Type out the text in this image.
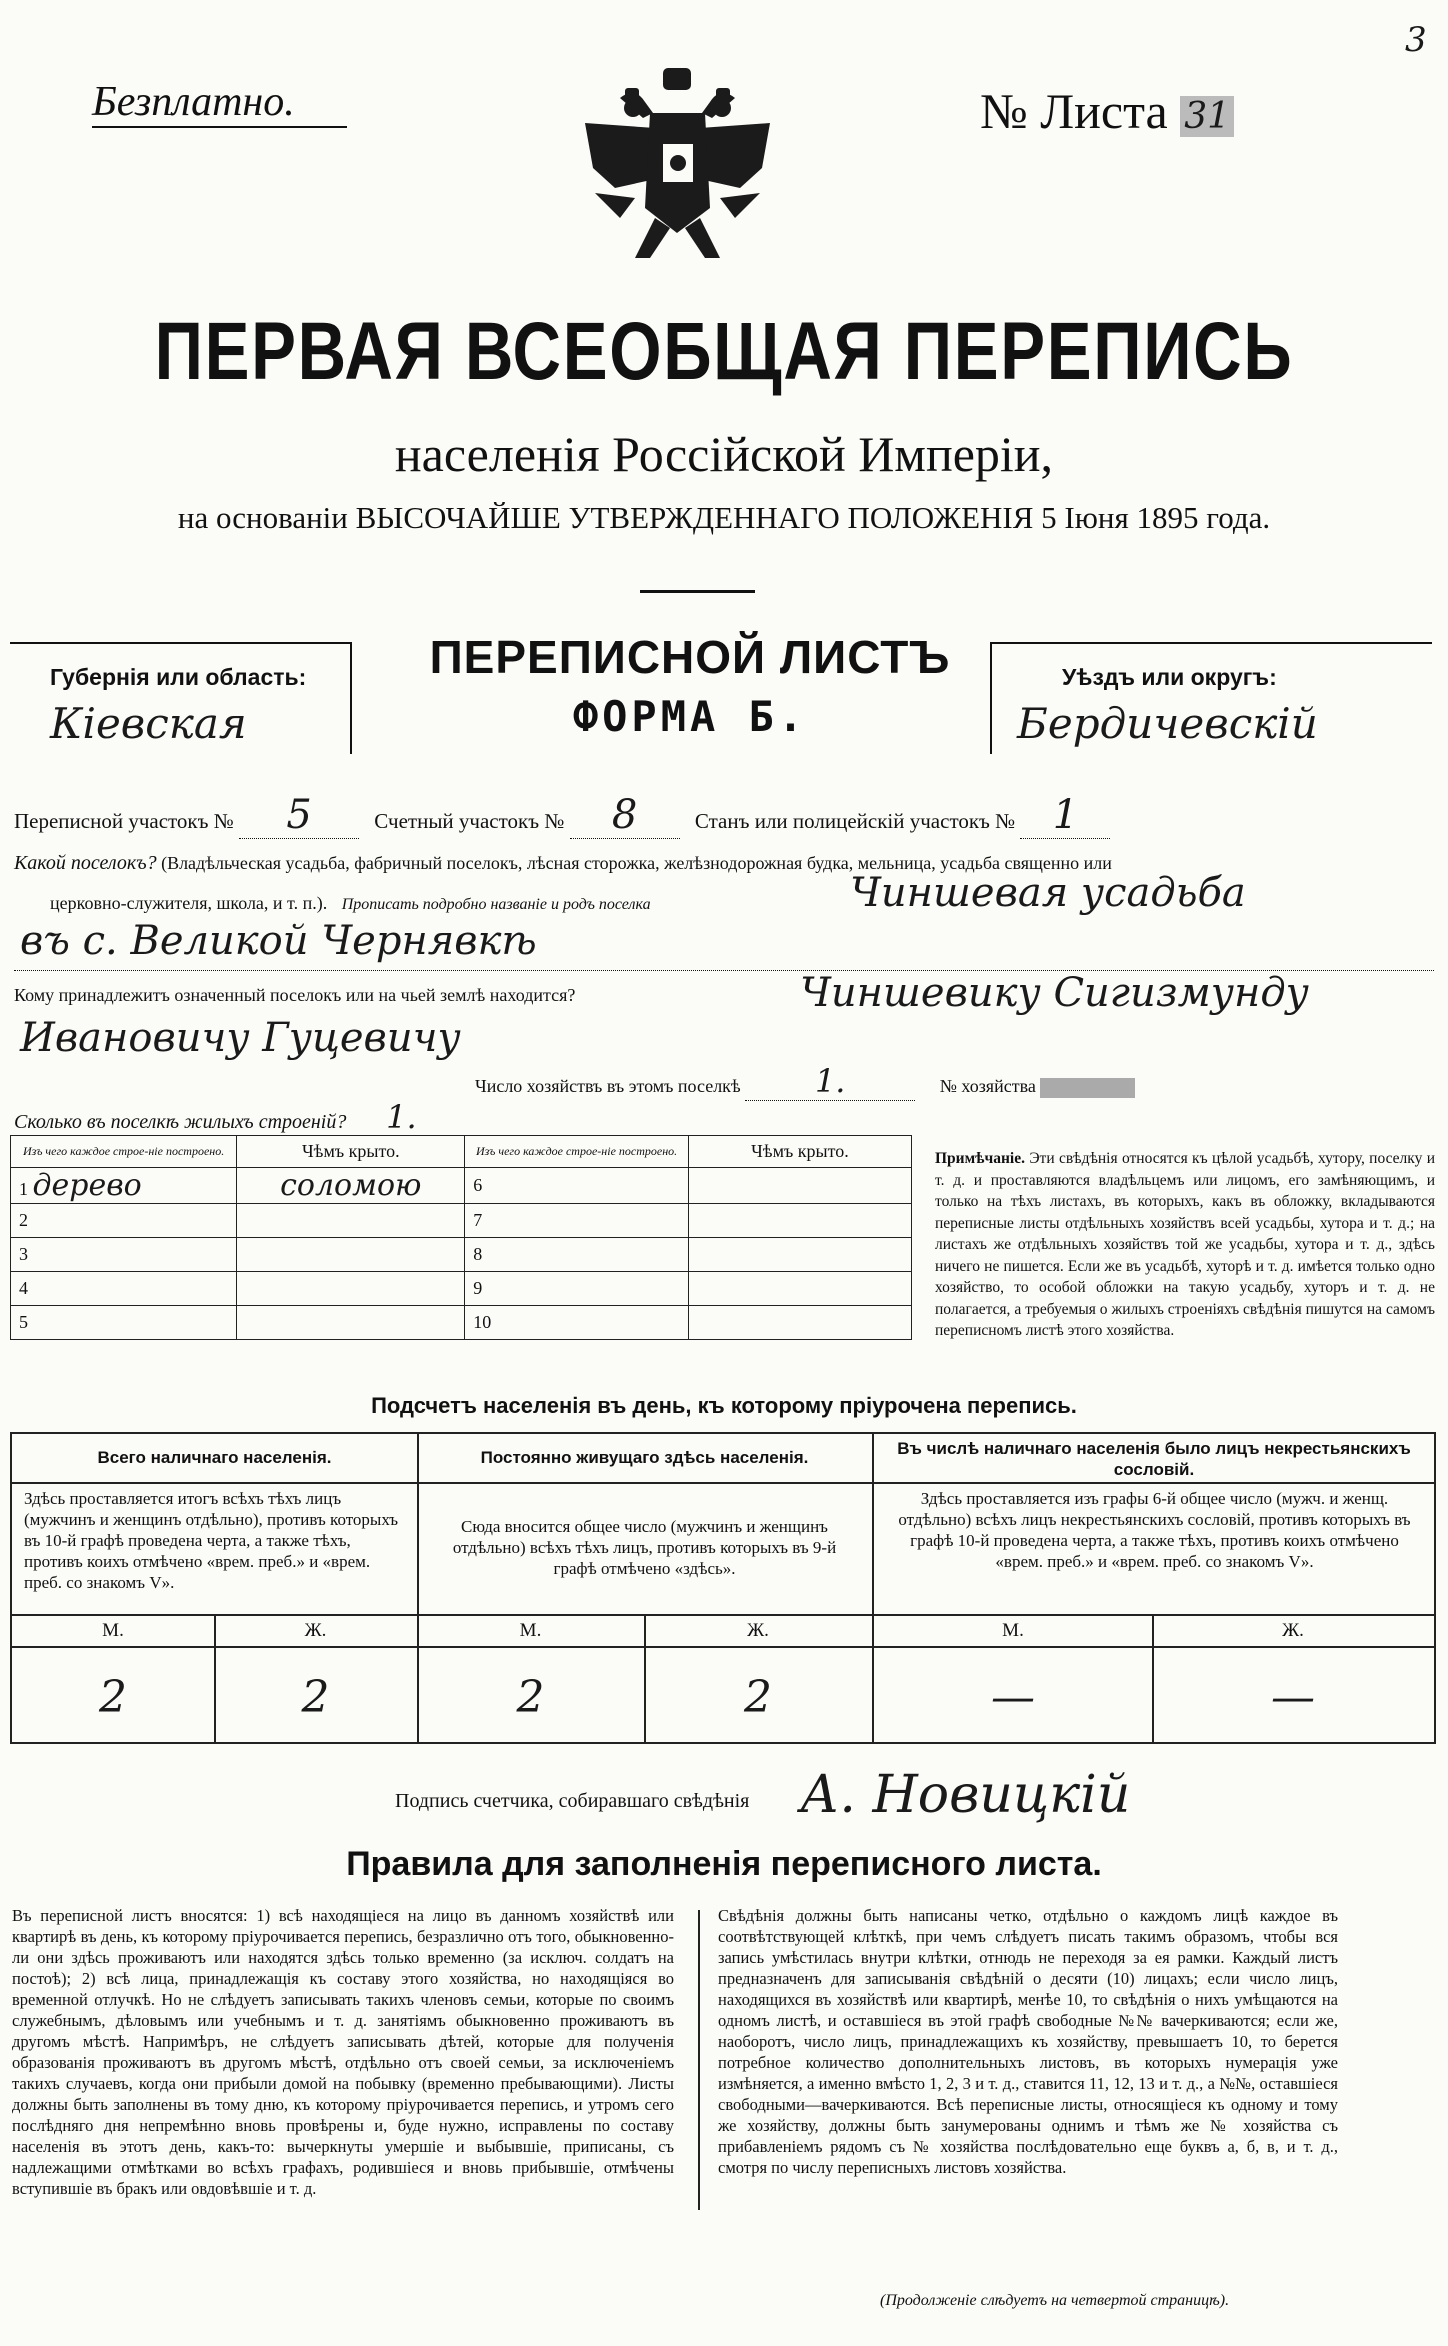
3
Безплатно.	№ Листа 31
ПЕРВАЯ ВСЕОБЩАЯ ПЕРЕПИСЬ
населенія Россійской Имперіи,
на основаніи ВЫСОЧАЙШЕ УТВЕРЖДЕННАГО ПОЛОЖЕНІЯ 5 Іюня 1895 года.
Губернія или область:
Кіевская
ПЕРЕПИСНОЙ ЛИСТЪ
ФОРМА Б.
Уѣздъ или округъ:
Бердичевскій
Переписной участокъ № 5	Счетный участокъ № 8	Станъ или полицейскій участокъ № 1
Какой поселокъ? (Владѣльческая усадьба, фабричный поселокъ, лѣсная сторожка, желѣзнодорожная будка, мельница, усадьба священно или
церковно-служителя, школа, и т. п.). Прописать подробно названіе и родъ поселка	Чиншевая усадьба
въ с. Великой Чернявкѣ
Кому принадлежитъ означенный поселокъ или на чьей землѣ находится?	Чиншевику Сигизмунду
Ивановичу Гуцевичу
Число хозяйствъ въ этомъ поселкѣ 1.	№ хозяйства
Сколько въ поселкѣ жилыхъ строеній? 1.
Изъ чего каждое строе-ніе построено.	Чѣмъ крыто.	Изъ чего каждое строе-ніе построено.	Чѣмъ крыто.
1 дерево	соломою	6	
2		7	
3		8	
4		9	
5		10	
Примѣчаніе. Эти свѣдѣнія относятся къ цѣлой усадьбѣ, хутору, поселку и т. д. и проставляются владѣльцемъ или лицомъ, его замѣняющимъ, и только на тѣхъ листахъ, въ которыхъ, какъ въ обложку, вкладываются переписные листы отдѣльныхъ хозяйствъ всей усадьбы, хутора и т. д.; на листахъ же отдѣльныхъ хозяйствъ той же усадьбы, хутора и т. д., здѣсь ничего не пишется. Если же въ усадьбѣ, хуторѣ и т. д. имѣется только одно хозяйство, то особой обложки на такую усадьбу, хуторъ и т. д. не полагается, а требуемыя о жилыхъ строеніяхъ свѣдѣнія пишутся на самомъ переписномъ листѣ этого хозяйства.
Подсчетъ населенія въ день, къ которому пріурочена перепись.
Всего наличнаго населенія.	Постоянно живущаго здѣсь населенія.	Въ числѣ наличнаго населенія было лицъ некрестьянскихъ сословій.
Здѣсь проставляется итогъ всѣхъ тѣхъ лицъ (мужчинъ и женщинъ отдѣльно), противъ которыхъ въ 10-й графѣ проведена черта, а также тѣхъ, противъ коихъ отмѣчено «врем. преб.» и «врем. преб. со знакомъ V».
Сюда вносится общее число (мужчинъ и женщинъ отдѣльно) всѣхъ тѣхъ лицъ, противъ которыхъ въ 9-й графѣ отмѣчено «здѣсь».
Здѣсь проставляется изъ графы 6-й общее число (мужч. и женщ. отдѣльно) всѣхъ лицъ некрестьянскихъ сословій, противъ которыхъ въ графѣ 10-й проведена черта, а также тѣхъ, противъ коихъ отмѣчено «врем. преб.» и «врем. преб. со знакомъ V».
М.	Ж.	М.	Ж.	М.	Ж.
2	2	2	2	—	—
Подпись счетчика, собиравшаго свѣдѣнія А. Новицкій
Правила для заполненія переписного листа.
Въ переписной листъ вносятся: 1) всѣ находящіеся на лицо въ данномъ хозяйствѣ или квартирѣ въ день, къ которому пріурочивается перепись, безразлично отъ того, обыкновенно-ли они здѣсь проживаютъ или находятся здѣсь только временно (за исключ. солдатъ на постоѣ); 2) всѣ лица, принадлежащія къ составу этого хозяйства, но находящіяся во временной отлучкѣ. Но не слѣдуетъ записывать такихъ членовъ семьи, которые по своимъ служебнымъ, дѣловымъ или учебнымъ и т. д. занятіямъ обыкновенно проживаютъ въ другомъ мѣстѣ. Напримѣръ, не слѣдуетъ записывать дѣтей, которые для полученія образованія проживаютъ въ другомъ мѣстѣ, отдѣльно отъ своей семьи, за исключеніемъ такихъ случаевъ, когда они прибыли домой на побывку (временно пребывающими). Листы должны быть заполнены въ тому дню, къ которому пріурочивается перепись, и утромъ сего послѣдняго дня непремѣнно вновь провѣрены и, буде нужно, исправлены по составу населенія въ этотъ день, какъ-то: вычеркнуты умершіе и выбывшіе, приписаны, съ надлежащими отмѣтками во всѣхъ графахъ, родившіеся и вновь прибывшіе, отмѣчены вступившіе въ бракъ или овдовѣвшіе и т. д.
Свѣдѣнія должны быть написаны четко, отдѣльно о каждомъ лицѣ каждое въ соотвѣтствующей клѣткѣ, при чемъ слѣдуетъ писать такимъ образомъ, чтобы вся запись умѣстилась внутри клѣтки, отнюдь не переходя за ея рамки. Каждый листъ предназначенъ для записыванія свѣдѣній о десяти (10) лицахъ; если число лицъ, находящихся въ хозяйствѣ или квартирѣ, менѣе 10, то свѣдѣнія о нихъ умѣщаются на одномъ листѣ, и оставшіеся въ этой графѣ свободные №№ вачеркиваются; если же, наоборотъ, число лицъ, принадлежащихъ къ хозяйству, превышаетъ 10, то берется потребное количество дополнительныхъ листовъ, въ которыхъ нумерація уже измѣняется, а именно вмѣсто 1, 2, 3 и т. д., ставится 11, 12, 13 и т. д., а №№, оставшіеся свободными—вачеркиваются. Всѣ переписные листы, относящіеся къ одному и тому же хозяйству, должны быть занумерованы однимъ и тѣмъ же № хозяйства съ прибавленіемъ рядомъ съ № хозяйства послѣдовательно еще буквъ а, б, в, и т. д., смотря по числу переписныхъ листовъ хозяйства.
(Продолженіе слѣдуетъ на четвертой страницѣ).
